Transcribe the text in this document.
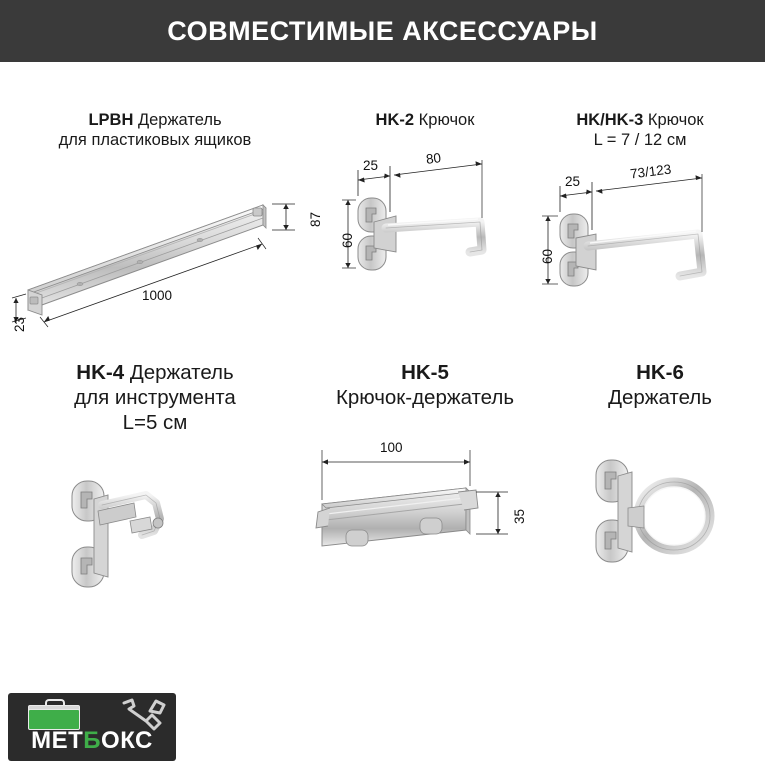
СОВМЕСТИМЫЕ АКСЕССУАРЫ
LPBH Держатель
для пластиковых ящиков
87
1000
23
HK-2 Крючок
25	80
60
HK/HK-3 Крючок
L = 7 / 12 см
25
73/123
60
HK-4 Держатель
для инструмента
L=5 см
HK-5
Крючок-держатель
100
35
HK-6
Держатель
МЕТБОКС
